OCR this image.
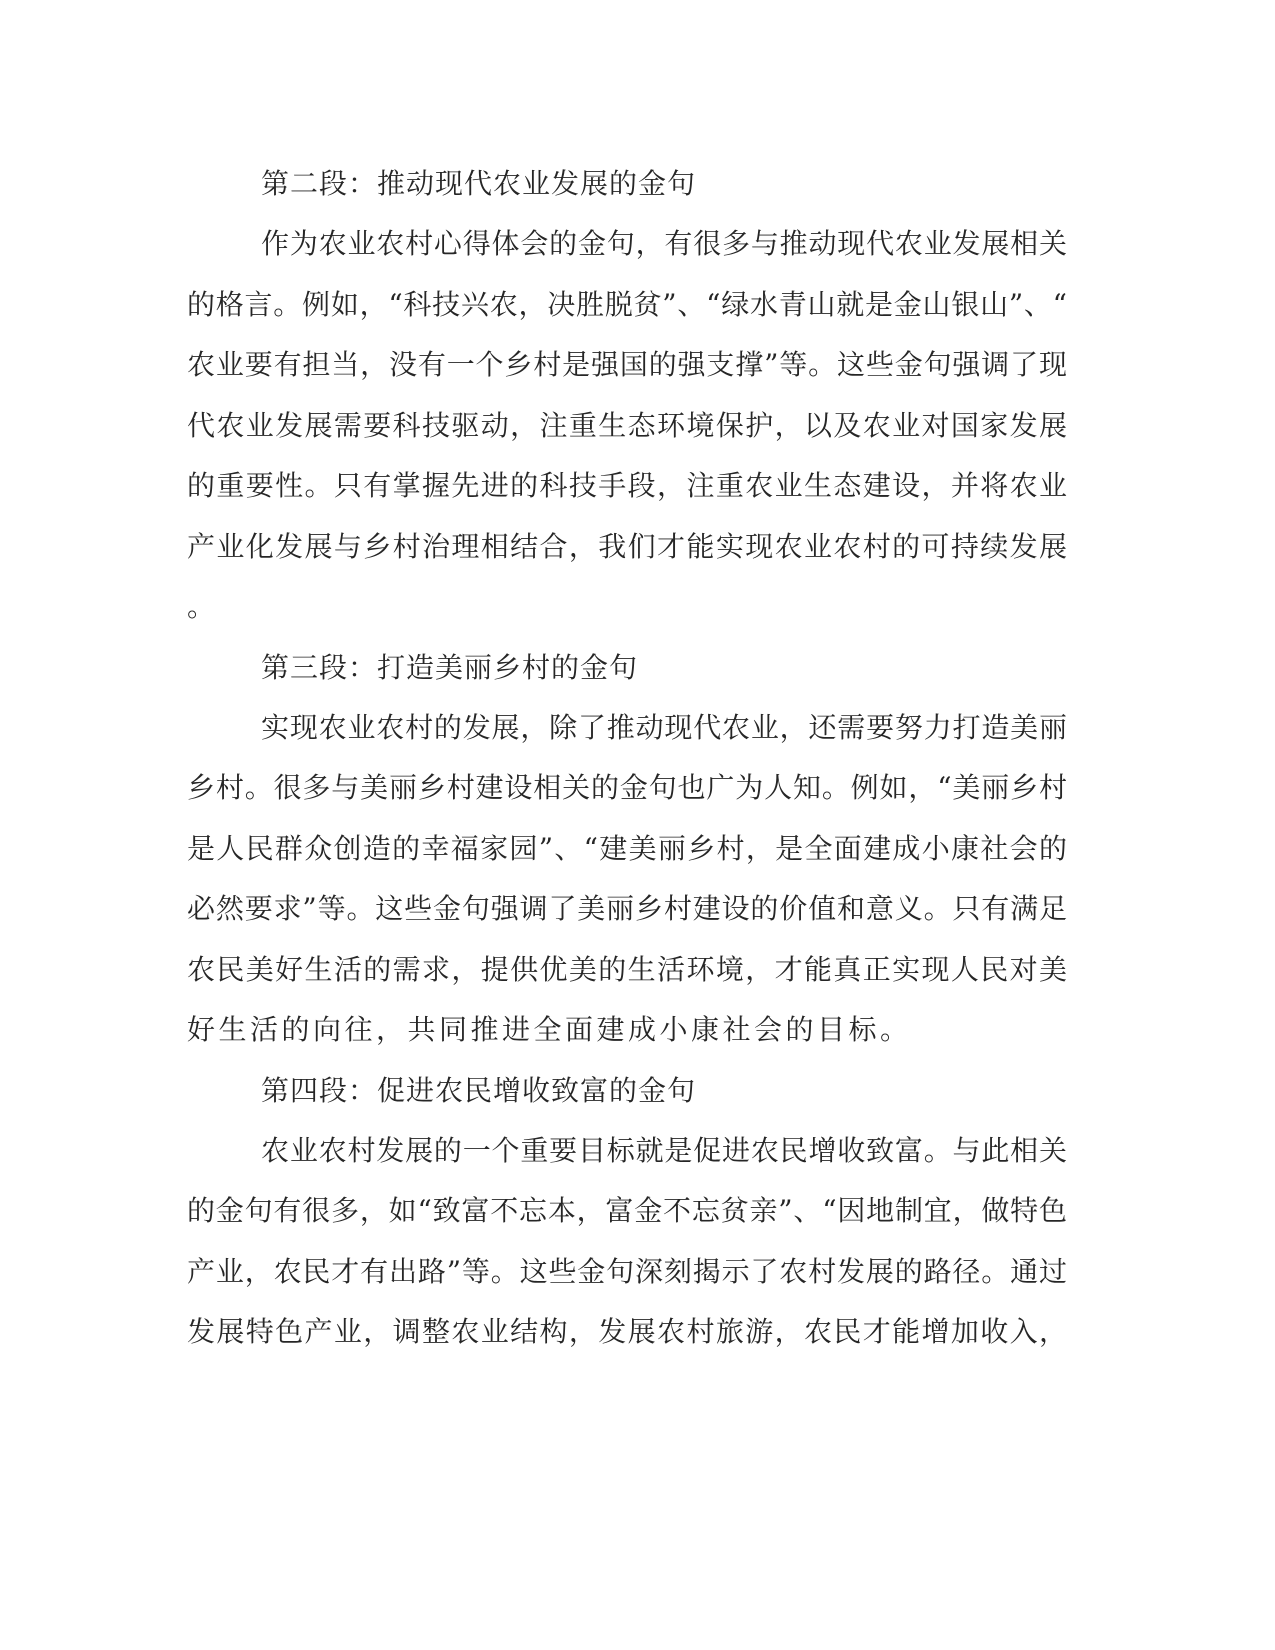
第二段：推动现代农业发展的金句

作为农业农村心得体会的金句，有很多与推动现代农业发展相关
的格言。例如，“科技兴农，决胜脱贫”、“绿水青山就是金山银山”、“
农业要有担当，没有一个乡村是强国的强支撑”等。这些金句强调了现
代农业发展需要科技驱动，注重生态环境保护，以及农业对国家发展
的重要性。只有掌握先进的科技手段，注重农业生态建设，并将农业
产业化发展与乡村治理相结合，我们才能实现农业农村的可持续发展
。

第三段：打造美丽乡村的金句

实现农业农村的发展，除了推动现代农业，还需要努力打造美丽
乡村。很多与美丽乡村建设相关的金句也广为人知。例如，“美丽乡村
是人民群众创造的幸福家园”、“建美丽乡村，是全面建成小康社会的
必然要求”等。这些金句强调了美丽乡村建设的价值和意义。只有满足
农民美好生活的需求，提供优美的生活环境，才能真正实现人民对美
好生活的向往，共同推进全面建成小康社会的目标。

第四段：促进农民增收致富的金句

农业农村发展的一个重要目标就是促进农民增收致富。与此相关
的金句有很多，如“致富不忘本，富金不忘贫亲”、“因地制宜，做特色
产业，农民才有出路”等。这些金句深刻揭示了农村发展的路径。通过
发展特色产业，调整农业结构，发展农村旅游，农民才能增加收入，
